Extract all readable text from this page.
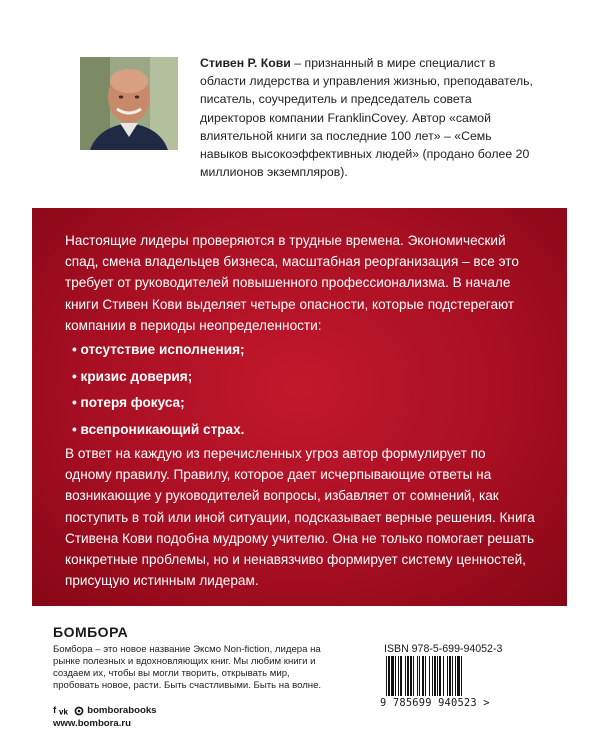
Стивен Р. Кови – признанный в мире специалист в области лидерства и управления жизнью, преподаватель, писатель, соучредитель и председатель совета директоров компании FranklinCovey. Автор «самой влиятельной книги за последние 100 лет» – «Семь навыков высокоэффективных людей» (продано более 20 миллионов экземпляров).

Настоящие лидеры проверяются в трудные времена. Экономический спад, смена владельцев бизнеса, масштабная реорганизация – все это требует от руководителей повышенного профессионализма. В начале книги Стивен Кови выделяет четыре опасности, которые подстерегают компании в периоды неопределенности:

• отсутствие исполнения;
• кризис доверия;
• потеря фокуса;
• всепроникающий страх.

В ответ на каждую из перечисленных угроз автор формулирует по одному правилу. Правилу, которое дает исчерпывающие ответы на возникающие у руководителей вопросы, избавляет от сомнений, как поступить в той или иной ситуации, подсказывает верные решения. Книга Стивена Кови подобна мудрому учителю. Она не только помогает решать конкретные проблемы, но и ненавязчиво формирует систему ценностей, присущую истинным лидерам.

БОМБОРА
Бомбора – это новое название Эксмо Non-fiction, лидера на рынке полезных и вдохновляющих книг. Мы любим книги и создаем их, чтобы вы могли творить, открывать мир, пробовать новое, расти. Быть счастливыми. Быть на волне.
f vk bomborabooks
www.bombora.ru
ISBN 978-5-699-94052-3
9 785699 940523 >
